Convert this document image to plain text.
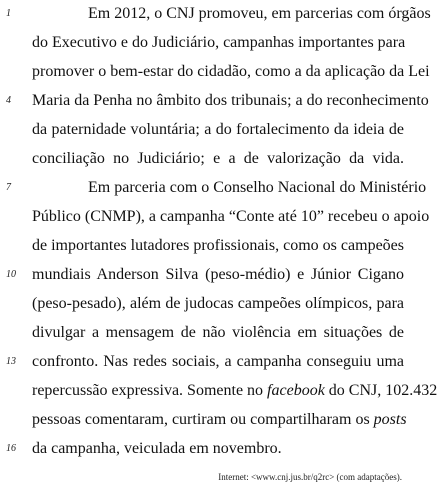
1
4
7
10
13
16
Em 2012, o CNJ promoveu, em parcerias com órgãos
do Executivo e do Judiciário, campanhas importantes para
promover o bem-estar do cidadão, como a da aplicação da Lei
Maria da Penha no âmbito dos tribunais; a do reconhecimento
da paternidade voluntária; a do fortalecimento da ideia de
conciliação no Judiciário; e a de valorização da vida.
Em parceria com o Conselho Nacional do Ministério
Público (CNMP), a campanha “Conte até 10” recebeu o apoio
de importantes lutadores profissionais, como os campeões
mundiais Anderson Silva (peso-médio) e Júnior Cigano
(peso-pesado), além de judocas campeões olímpicos, para
divulgar a mensagem de não violência em situações de
confronto. Nas redes sociais, a campanha conseguiu uma
repercussão expressiva. Somente no facebook do CNJ, 102.432
pessoas comentaram, curtiram ou compartilharam os posts
da campanha, veiculada em novembro.
Internet: <www.cnj.jus.br/q2rc> (com adaptações).
